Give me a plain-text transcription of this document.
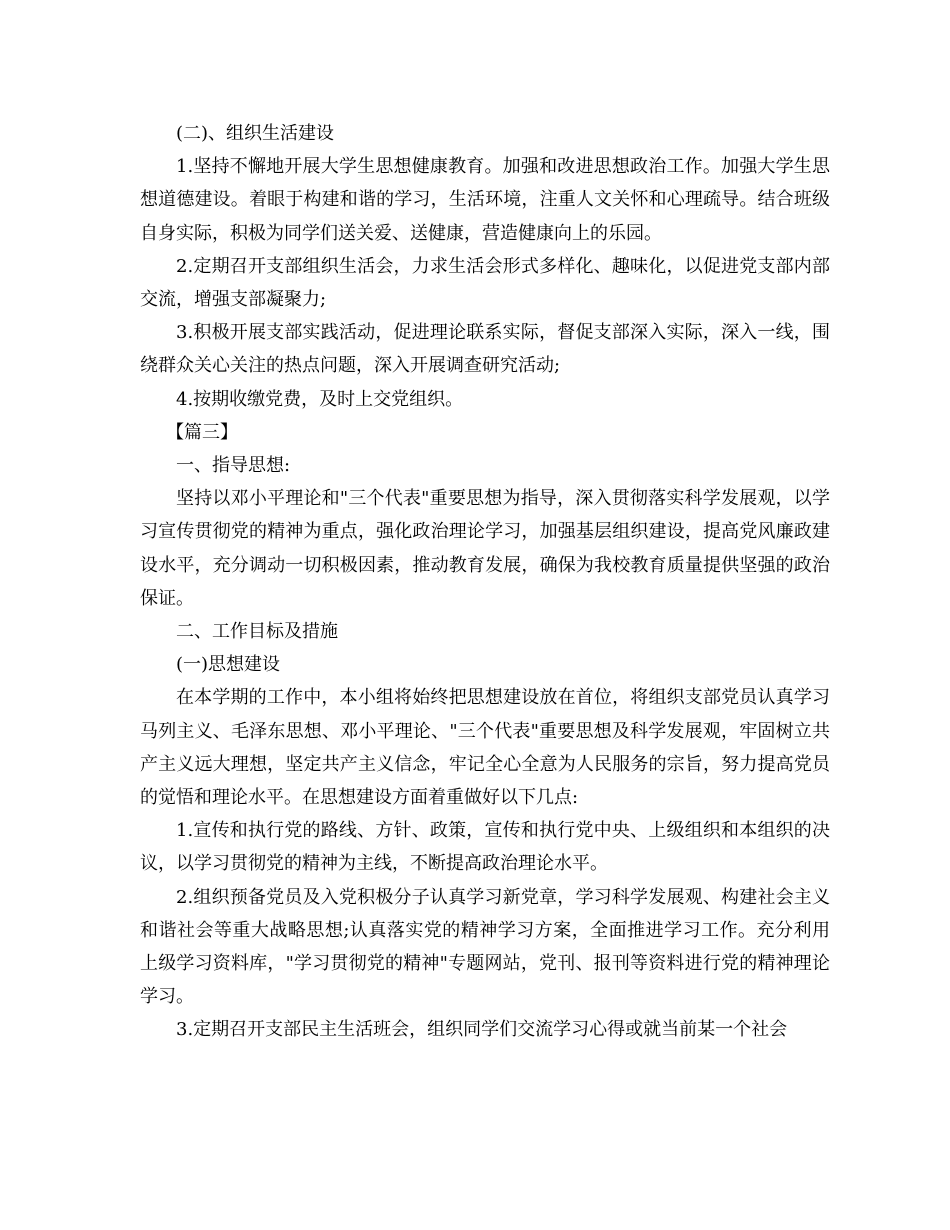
(二)、组织生活建设

1.坚持不懈地开展大学生思想健康教育。加强和改进思想政治工作。加强大学生思想道德建设。着眼于构建和谐的学习，生活环境，注重人文关怀和心理疏导。结合班级自身实际，积极为同学们送关爱、送健康，营造健康向上的乐园。

2.定期召开支部组织生活会，力求生活会形式多样化、趣味化，以促进党支部内部交流，增强支部凝聚力;

3.积极开展支部实践活动，促进理论联系实际，督促支部深入实际，深入一线，围绕群众关心关注的热点问题，深入开展调查研究活动;

4.按期收缴党费，及时上交党组织。

【篇三】

一、指导思想:

坚持以邓小平理论和"三个代表"重要思想为指导，深入贯彻落实科学发展观，以学习宣传贯彻党的精神为重点，强化政治理论学习，加强基层组织建设，提高党风廉政建设水平，充分调动一切积极因素，推动教育发展，确保为我校教育质量提供坚强的政治保证。

二、工作目标及措施

(一)思想建设

在本学期的工作中，本小组将始终把思想建设放在首位，将组织支部党员认真学习马列主义、毛泽东思想、邓小平理论、"三个代表"重要思想及科学发展观，牢固树立共产主义远大理想，坚定共产主义信念，牢记全心全意为人民服务的宗旨，努力提高党员的觉悟和理论水平。在思想建设方面着重做好以下几点:

1.宣传和执行党的路线、方针、政策，宣传和执行党中央、上级组织和本组织的决议，以学习贯彻党的精神为主线，不断提高政治理论水平。

2.组织预备党员及入党积极分子认真学习新党章，学习科学发展观、构建社会主义和谐社会等重大战略思想;认真落实党的精神学习方案，全面推进学习工作。充分利用上级学习资料库，"学习贯彻党的精神"专题网站，党刊、报刊等资料进行党的精神理论学习。

3.定期召开支部民主生活班会，组织同学们交流学习心得或就当前某一个社会
